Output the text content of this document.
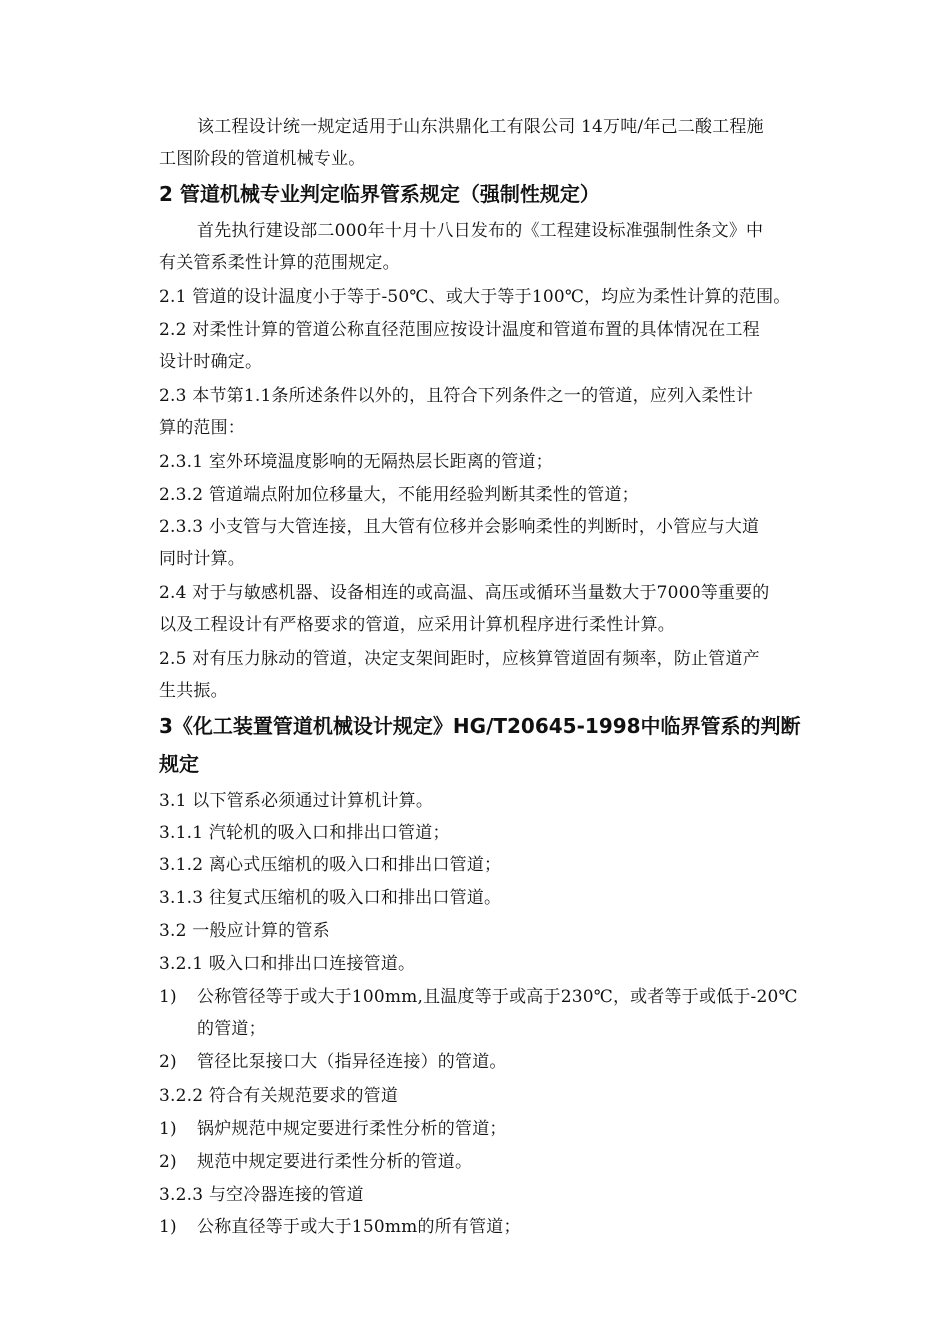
该工程设计统一规定适用于山东洪鼎化工有限公司 14万吨/年己二酸工程施
工图阶段的管道机械专业。
2 管道机械专业判定临界管系规定（强制性规定）
首先执行建设部二000年十月十八日发布的《工程建设标准强制性条文》中
有关管系柔性计算的范围规定。
2.1 管道的设计温度小于等于-50℃、或大于等于100℃，均应为柔性计算的范围。
2.2 对柔性计算的管道公称直径范围应按设计温度和管道布置的具体情况在工程
设计时确定。
2.3 本节第1.1条所述条件以外的，且符合下列条件之一的管道，应列入柔性计
算的范围：
2.3.1 室外环境温度影响的无隔热层长距离的管道；
2.3.2 管道端点附加位移量大，不能用经验判断其柔性的管道；
2.3.3 小支管与大管连接，且大管有位移并会影响柔性的判断时，小管应与大道
同时计算。
2.4 对于与敏感机器、设备相连的或高温、高压或循环当量数大于7000等重要的
以及工程设计有严格要求的管道，应采用计算机程序进行柔性计算。
2.5 对有压力脉动的管道，决定支架间距时，应核算管道固有频率，防止管道产
生共振。
3《化工装置管道机械设计规定》HG/T20645-1998中临界管系的判断
规定
3.1 以下管系必须通过计算机计算。
3.1.1 汽轮机的吸入口和排出口管道；
3.1.2 离心式压缩机的吸入口和排出口管道；
3.1.3 往复式压缩机的吸入口和排出口管道。
3.2 一般应计算的管系
3.2.1 吸入口和排出口连接管道。
1) 公称管径等于或大于100mm,且温度等于或高于230℃，或者等于或低于-20℃
的管道；
2) 管径比泵接口大（指异径连接）的管道。
3.2.2 符合有关规范要求的管道
1) 锅炉规范中规定要进行柔性分析的管道；
2) 规范中规定要进行柔性分析的管道。
3.2.3 与空冷器连接的管道
1) 公称直径等于或大于150mm的所有管道；
